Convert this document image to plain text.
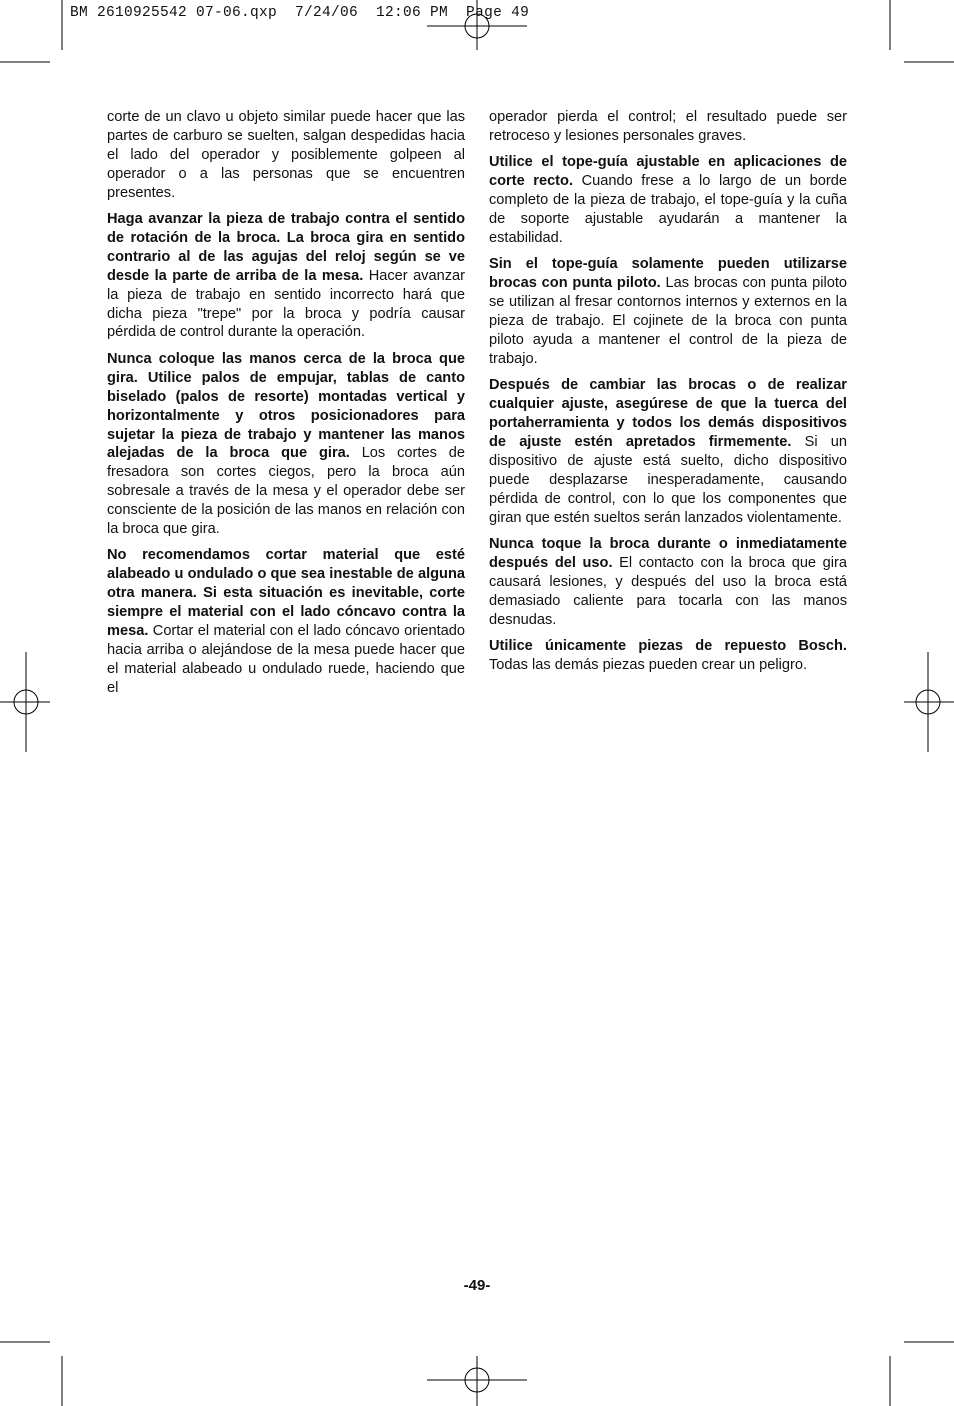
BM 2610925542 07-06.qxp  7/24/06  12:06 PM  Page 49

corte de un clavo u objeto similar puede hacer que las partes de carburo se suelten, salgan despedidas hacia el lado del operador y posiblemente golpeen al operador o a las personas que se encuentren presentes.

Haga avanzar la pieza de trabajo contra el sentido de rotación de la broca. La broca gira en sentido contrario al de las agujas del reloj según se ve desde la parte de arriba de la mesa. Hacer avanzar la pieza de trabajo en sentido incorrecto hará que dicha pieza "trepe" por la broca y podría causar pérdida de control durante la operación.

Nunca coloque las manos cerca de la broca que gira. Utilice palos de empujar, tablas de canto biselado (palos de resorte) montadas vertical y horizontalmente y otros posicionadores para sujetar la pieza de trabajo y mantener las manos alejadas de la broca que gira. Los cortes de fresadora son cortes ciegos, pero la broca aún sobresale a través de la mesa y el operador debe ser consciente de la posición de las manos en relación con la broca que gira.

No recomendamos cortar material que esté alabeado u ondulado o que sea inestable de alguna otra manera. Si esta situación es inevitable, corte siempre el material con el lado cóncavo contra la mesa. Cortar el material con el lado cóncavo orientado hacia arriba o alejándose de la mesa puede hacer que el material alabeado u ondulado ruede, haciendo que el

operador pierda el control; el resultado puede ser retroceso y lesiones personales graves.

Utilice el tope-guía ajustable en aplicaciones de corte recto. Cuando frese a lo largo de un borde completo de la pieza de trabajo, el tope-guía y la cuña de soporte ajustable ayudarán a mantener la estabilidad.

Sin el tope-guía solamente pueden utilizarse brocas con punta piloto. Las brocas con punta piloto se utilizan al fresar contornos internos y externos en la pieza de trabajo. El cojinete de la broca con punta piloto ayuda a mantener el control de la pieza de trabajo.

Después de cambiar las brocas o de realizar cualquier ajuste, asegúrese de que la tuerca del portaherramienta y todos los demás dispositivos de ajuste estén apretados firmemente. Si un dispositivo de ajuste está suelto, dicho dispositivo puede desplazarse inesperadamente, causando pérdida de control, con lo que los componentes que giran que estén sueltos serán lanzados violentamente.

Nunca toque la broca durante o inmediatamente después del uso. El contacto con la broca que gira causará lesiones, y después del uso la broca está demasiado caliente para tocarla con las manos desnudas.

Utilice únicamente piezas de repuesto Bosch. Todas las demás piezas pueden crear un peligro.

-49-
